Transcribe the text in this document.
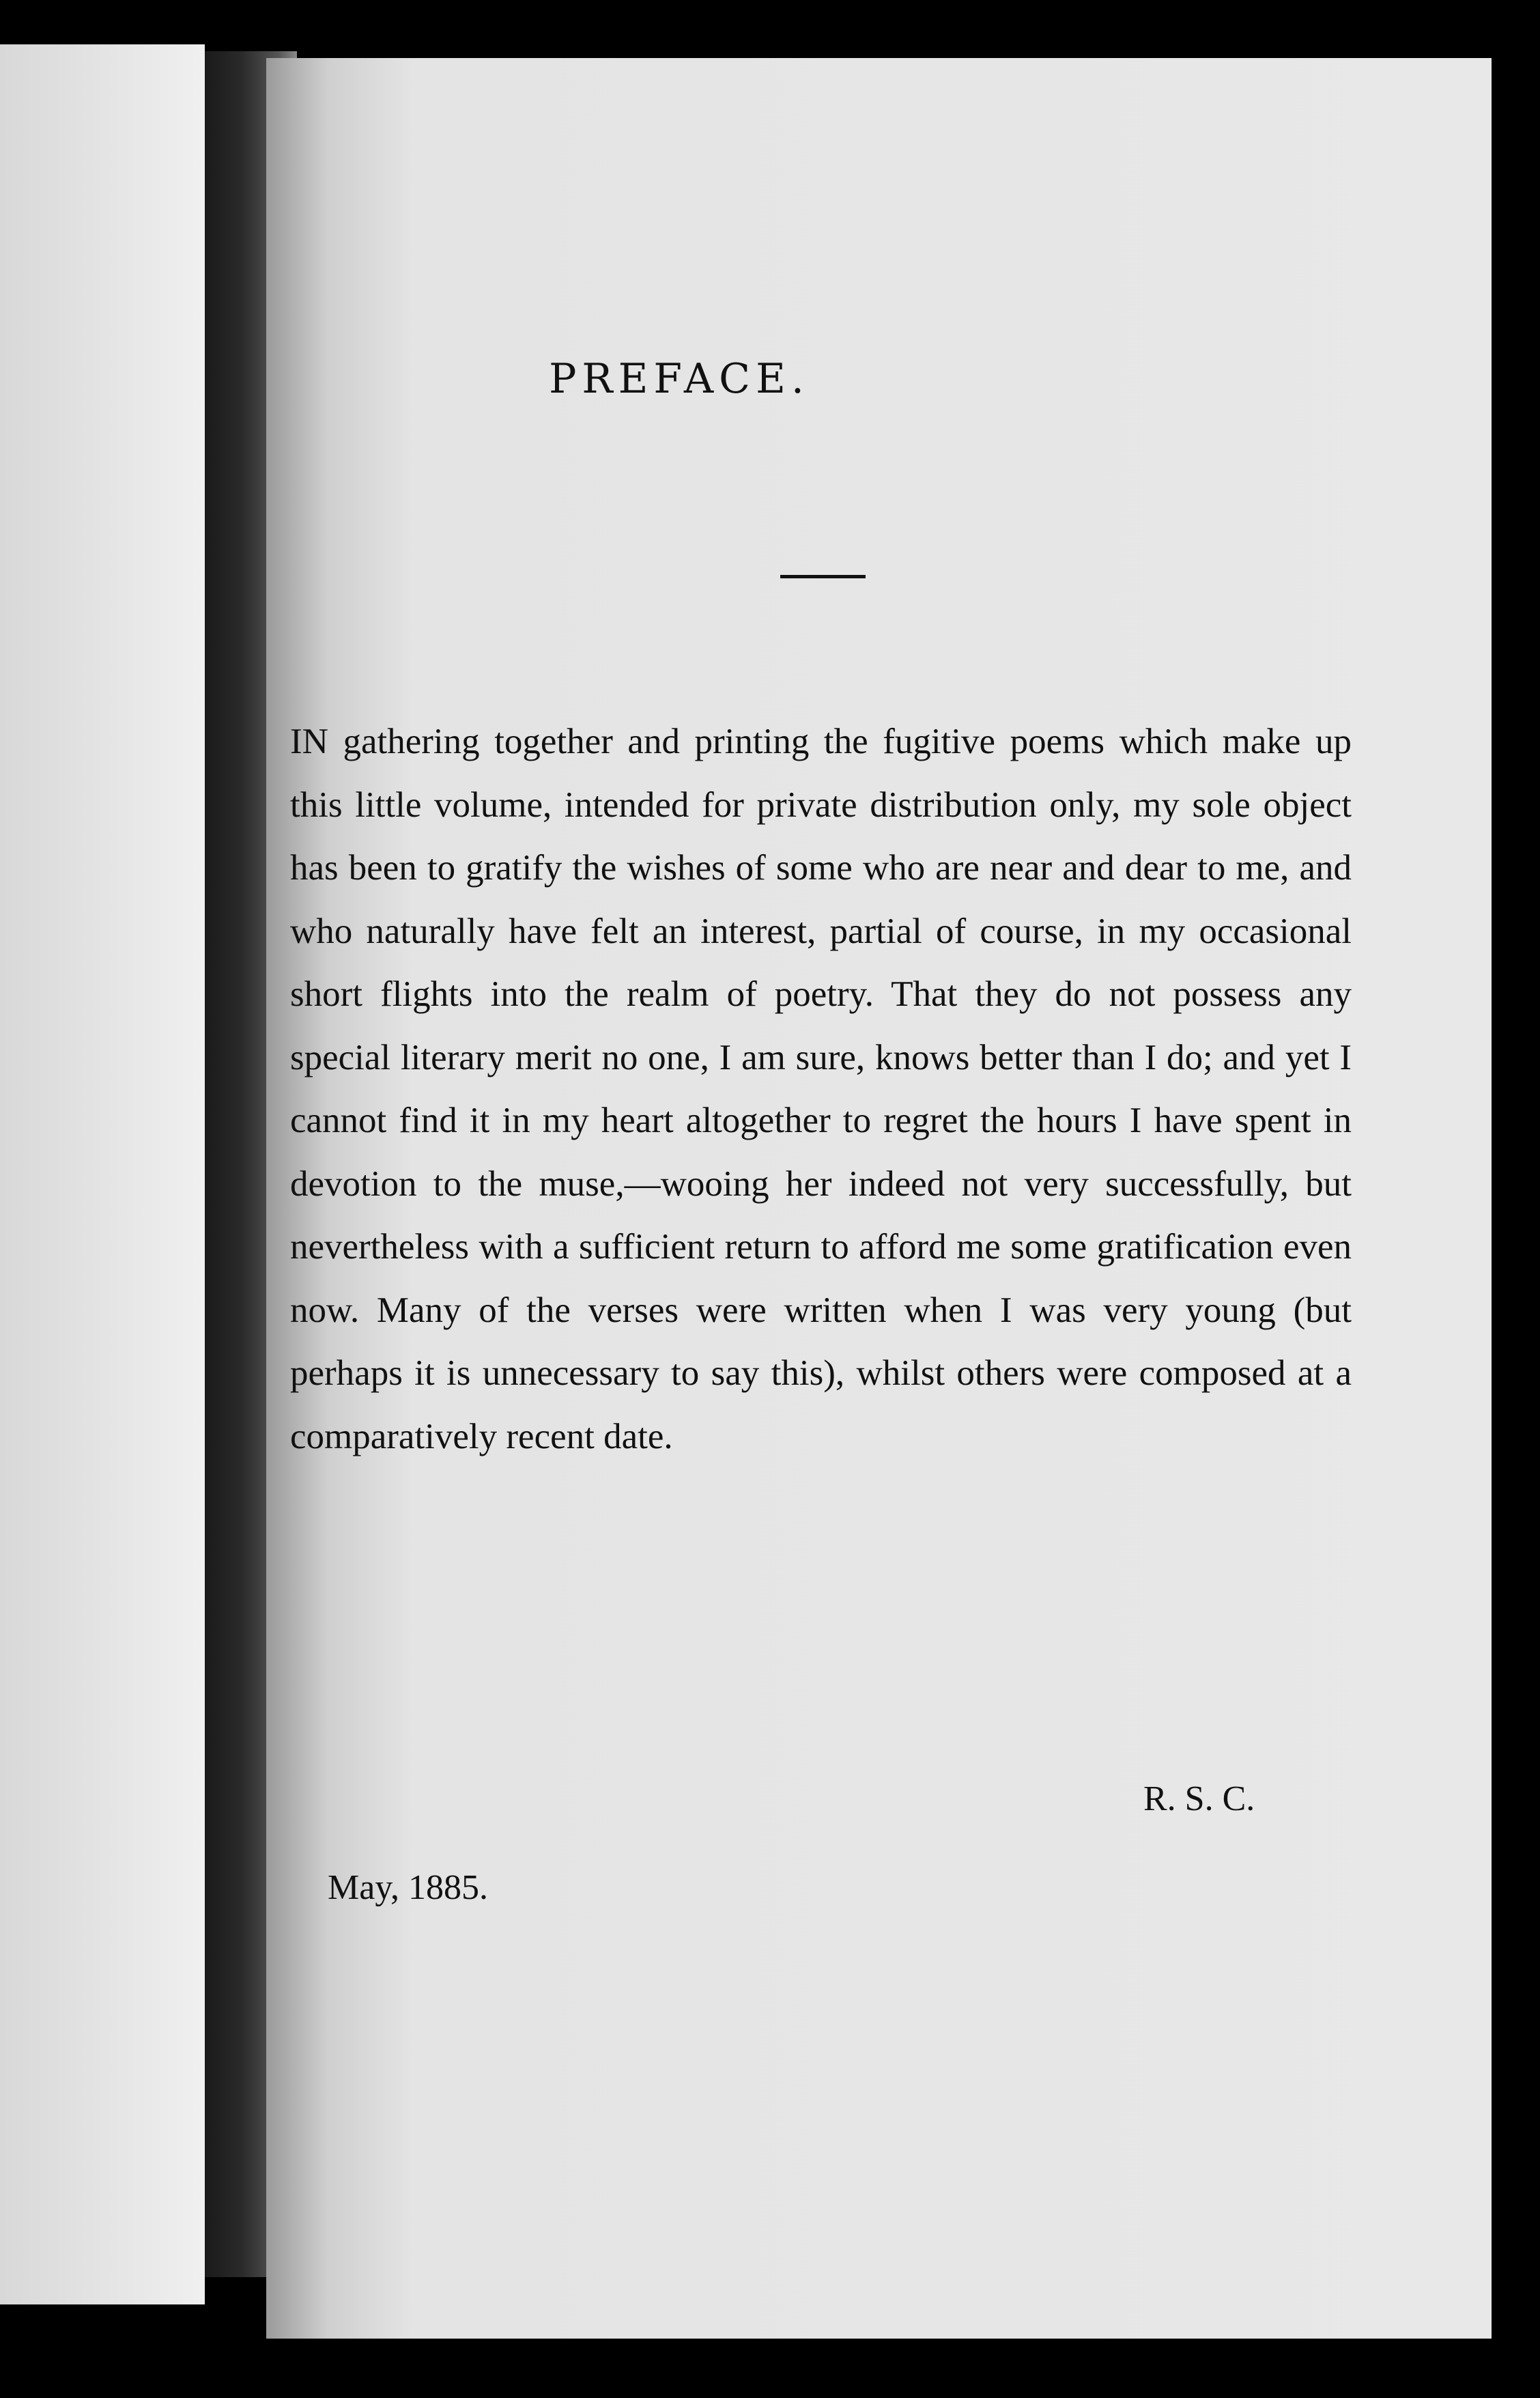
PREFACE.

IN gathering together and printing the fugitive poems which make up this little volume, intended for private distribution only, my sole object has been to gratify the wishes of some who are near and dear to me, and who naturally have felt an interest, partial of course, in my occasional short flights into the realm of poetry. That they do not possess any special literary merit no one, I am sure, knows better than I do; and yet I cannot find it in my heart altogether to regret the hours I have spent in devotion to the muse,—wooing her indeed not very successfully, but nevertheless with a sufficient return to afford me some gratification even now. Many of the verses were written when I was very young (but perhaps it is unnecessary to say this), whilst others were composed at a comparatively recent date.

R. S. C.
May, 1885.
